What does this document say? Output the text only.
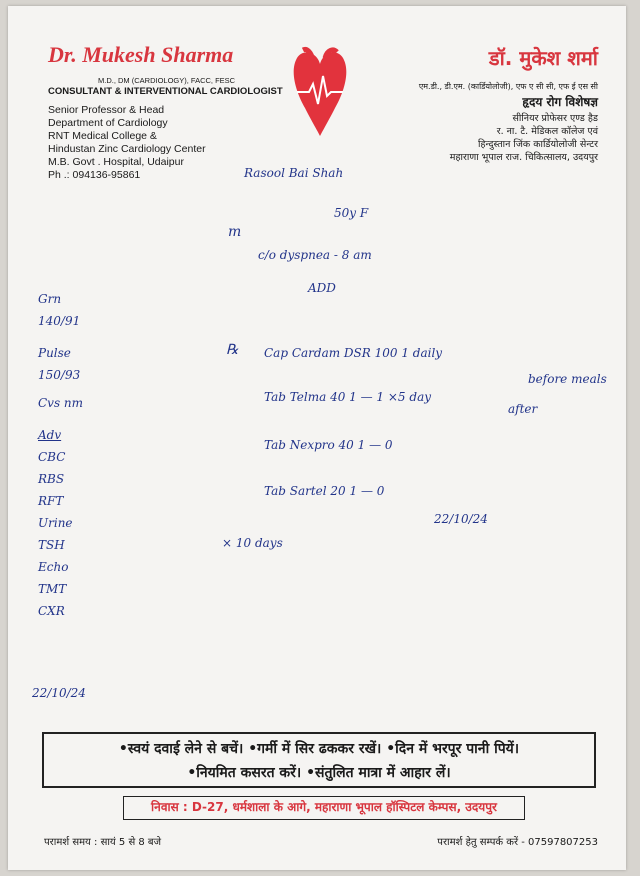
Dr. Mukesh Sharma
M.D., DM (CARDIOLOGY), FACC, FESC
CONSULTANT & INTERVENTIONAL CARDIOLOGIST
Senior Professor & Head
Department of Cardiology
RNT Medical College &
Hindustan Zinc Cardiology Center
M.B. Govt . Hospital, Udaipur
Ph .: 094136-95861
डॉ. मुकेश शर्मा
एम.डी., डी.एम. (कार्डियोलोजी), एफ ए सी सी, एफ ई एस सी
हृदय रोग विशेषज्ञ
सीनियर प्रोफेसर एण्ड हैड
र. ना. टै. मेडिकल कॉलेज एवं
हिन्दुस्तान जिंक कार्डियोलोजी सेन्टर
महाराणा भूपाल राज. चिकित्सालय, उदयपुर
Rasool Bai Shah
50y F
m
c/o dyspnea - 8 am
ADD
Grn
140/91
Pulse
150/93
Cvs nm
Adv
CBC
RBS
RFT
Urine
TSH
Echo
TMT
CXR
℞ Cap Cardam DSR 100 1 daily
Tab Telma 40 1 — 1 ×5 day
before meals
Tab Nexpro 40 1 — 0
Tab Sartel 20 1 — 0
after
× 10 days
22/10/24
22/10/24
•स्वयं दवाई लेने से बचें। •गर्मी में सिर ढककर रखें। •दिन में भरपूर पानी पियें।
•नियमित कसरत करें। •संतुलित मात्रा में आहार लें।
निवास : D-27, धर्मशाला के आगे, महाराणा भूपाल हॉस्पिटल केम्पस, उदयपुर
परामर्श समय : सायं 5 से 8 बजे	परामर्श हेतु सम्पर्क करें - 07597807253
